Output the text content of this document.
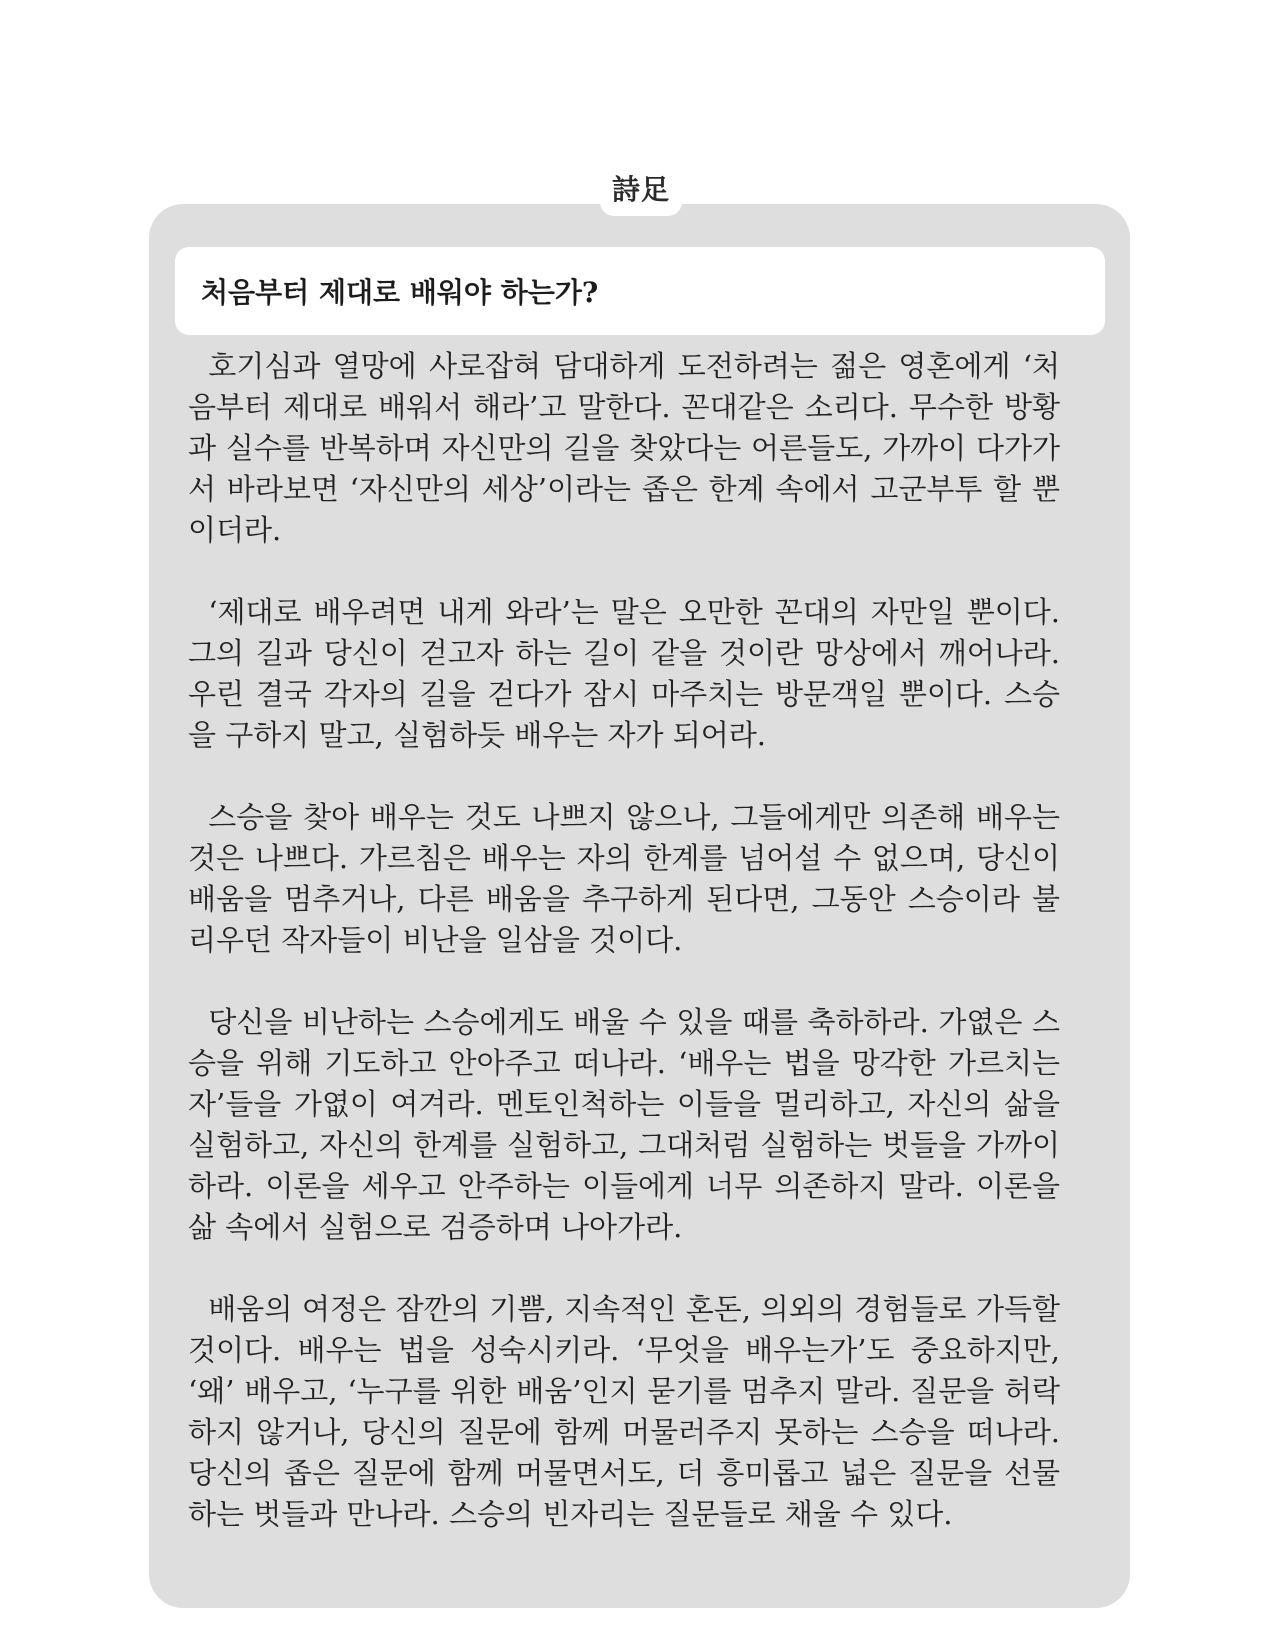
詩足
처음부터 제대로 배워야 하는가?

호기심과 열망에 사로잡혀 담대하게 도전하려는 젊은 영혼에게 ‘처음부터 제대로 배워서 해라’고 말한다. 꼰대같은 소리다. 무수한 방황과 실수를 반복하며 자신만의 길을 찾았다는 어른들도, 가까이 다가가서 바라보면 ‘자신만의 세상’이라는 좁은 한계 속에서 고군부투 할 뿐이더라.

‘제대로 배우려면 내게 와라’는 말은 오만한 꼰대의 자만일 뿐이다. 그의 길과 당신이 걷고자 하는 길이 같을 것이란 망상에서 깨어나라. 우린 결국 각자의 길을 걷다가 잠시 마주치는 방문객일 뿐이다. 스승을 구하지 말고, 실험하듯 배우는 자가 되어라.

스승을 찾아 배우는 것도 나쁘지 않으나, 그들에게만 의존해 배우는 것은 나쁘다. 가르침은 배우는 자의 한계를 넘어설 수 없으며, 당신이 배움을 멈추거나, 다른 배움을 추구하게 된다면, 그동안 스승이라 불리우던 작자들이 비난을 일삼을 것이다.

당신을 비난하는 스승에게도 배울 수 있을 때를 축하하라. 가엾은 스승을 위해 기도하고 안아주고 떠나라. ‘배우는 법을 망각한 가르치는 자’들을 가엾이 여겨라. 멘토인척하는 이들을 멀리하고, 자신의 삶을 실험하고, 자신의 한계를 실험하고, 그대처럼 실험하는 벗들을 가까이 하라. 이론을 세우고 안주하는 이들에게 너무 의존하지 말라. 이론을 삶 속에서 실험으로 검증하며 나아가라.

배움의 여정은 잠깐의 기쁨, 지속적인 혼돈, 의외의 경험들로 가득할 것이다. 배우는 법을 성숙시키라. ‘무엇을 배우는가’도 중요하지만, ‘왜’ 배우고, ‘누구를 위한 배움’인지 묻기를 멈추지 말라. 질문을 허락하지 않거나, 당신의 질문에 함께 머물러주지 못하는 스승을 떠나라. 당신의 좁은 질문에 함께 머물면서도, 더 흥미롭고 넓은 질문을 선물하는 벗들과 만나라. 스승의 빈자리는 질문들로 채울 수 있다.
